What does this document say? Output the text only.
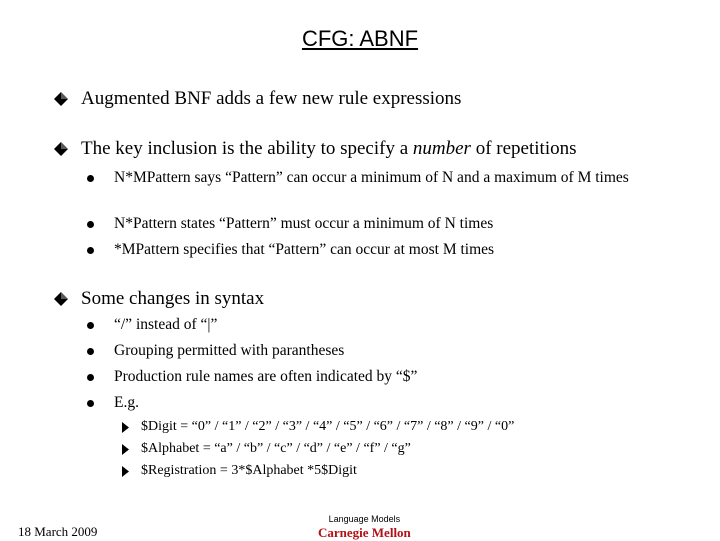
CFG: ABNF
Augmented BNF adds a few new rule expressions
The key inclusion is the ability to specify a number of repetitions
N*MPattern says “Pattern” can occur a minimum of N and a maximum of M times
N*Pattern states “Pattern” must occur a minimum of N times
*MPattern specifies that “Pattern” can occur at most M times
Some changes in syntax
“/” instead of “|”
Grouping permitted with parantheses
Production rule names are often indicated by “$”
E.g.
$Digit = “0” / “1” / “2” / “3” / “4” / “5” / “6” / “7” / “8” / “9” / “0”
$Alphabet = “a” / “b” / “c” / “d” / “e” / “f” / “g”
$Registration = 3*$Alphabet *5$Digit
18 March 2009
Language Models
Carnegie Mellon
